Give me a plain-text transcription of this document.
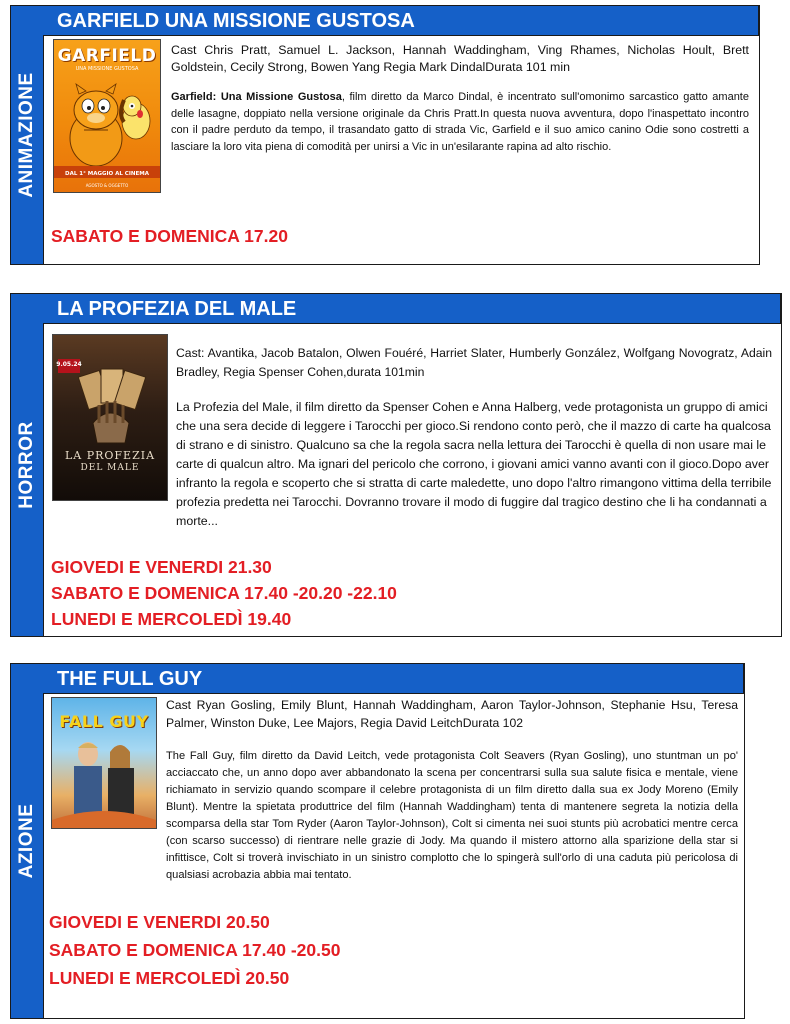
ANIMAZIONE
GARFIELD UNA MISSIONE GUSTOSA
GARFIELD
UNA MISSIONE GUSTOSA
DAL 1° MAGGIO AL CINEMA
AGOSTO & OGGETTO

Cast Chris Pratt, Samuel L. Jackson, Hannah Waddingham, Ving Rhames, Nicholas Hoult, Brett Goldstein, Cecily Strong, Bowen Yang Regia Mark DindalDurata 101 min

Garfield: Una Missione Gustosa, film diretto da Marco Dindal, è incentrato sull'omonimo sarcastico gatto amante delle lasagne, doppiato nella versione originale da Chris Pratt.In questa nuova avventura, dopo l'inaspettato incontro con il padre perduto da tempo, il trasandato gatto di strada Vic, Garfield e il suo amico canino Odie sono costretti a lasciare la loro vita piena di comodità per unirsi a Vic in un'esilarante rapina ad alto rischio.

SABATO E DOMENICA 17.20
HORROR
LA PROFEZIA DEL MALE
9.05.24
LA PROFEZIA
DEL MALE

Cast: Avantika, Jacob Batalon, Olwen Fouéré, Harriet Slater, Humberly González, Wolfgang Novogratz, Adain Bradley, Regia Spenser Cohen,durata 101min

La Profezia del Male, il film diretto da Spenser Cohen e Anna Halberg, vede protagonista un gruppo di amici che una sera decide di leggere i Tarocchi per gioco.Si rendono conto però, che il mazzo di carte ha qualcosa di strano e di sinistro. Qualcuno sa che la regola sacra nella lettura dei Tarocchi è quella di non usare mai le carte di qualcun altro. Ma ignari del pericolo che corrono, i giovani amici vanno avanti con il gioco.Dopo aver infranto la regola e scoperto che si stratta di carte maledette, uno dopo l'altro rimangono vittima della terribile profezia predetta nei Tarocchi. Dovranno trovare il modo di fuggire dal tragico destino che li ha condannati a morte...

GIOVEDI E VENERDI 21.30
SABATO E DOMENICA 17.40 -20.20 -22.10
LUNEDI E MERCOLEDÌ 19.40
AZIONE
THE FULL GUY
FALL GUY

Cast Ryan Gosling, Emily Blunt, Hannah Waddingham, Aaron Taylor-Johnson, Stephanie Hsu, Teresa Palmer, Winston Duke, Lee Majors, Regia David LeitchDurata 102

The Fall Guy, film diretto da David Leitch, vede protagonista Colt Seavers (Ryan Gosling), uno stuntman un po' acciaccato che, un anno dopo aver abbandonato la scena per concentrarsi sulla sua salute fisica e mentale, viene richiamato in servizio quando scompare il celebre protagonista di un film diretto dalla sua ex Jody Moreno (Emily Blunt). Mentre la spietata produttrice del film (Hannah Waddingham) tenta di mantenere segreta la notizia della scomparsa della star Tom Ryder (Aaron Taylor-Johnson), Colt si cimenta nei suoi stunts più acrobatici mentre cerca (con scarso successo) di rientrare nelle grazie di Jody. Ma quando il mistero attorno alla sparizione della star si infittisce, Colt si troverà invischiato in un sinistro complotto che lo spingerà sull'orlo di una caduta più pericolosa di qualsiasi acrobazia abbia mai tentato.

GIOVEDI E VENERDI 20.50
SABATO E DOMENICA 17.40 -20.50
LUNEDI E MERCOLEDÌ 20.50
